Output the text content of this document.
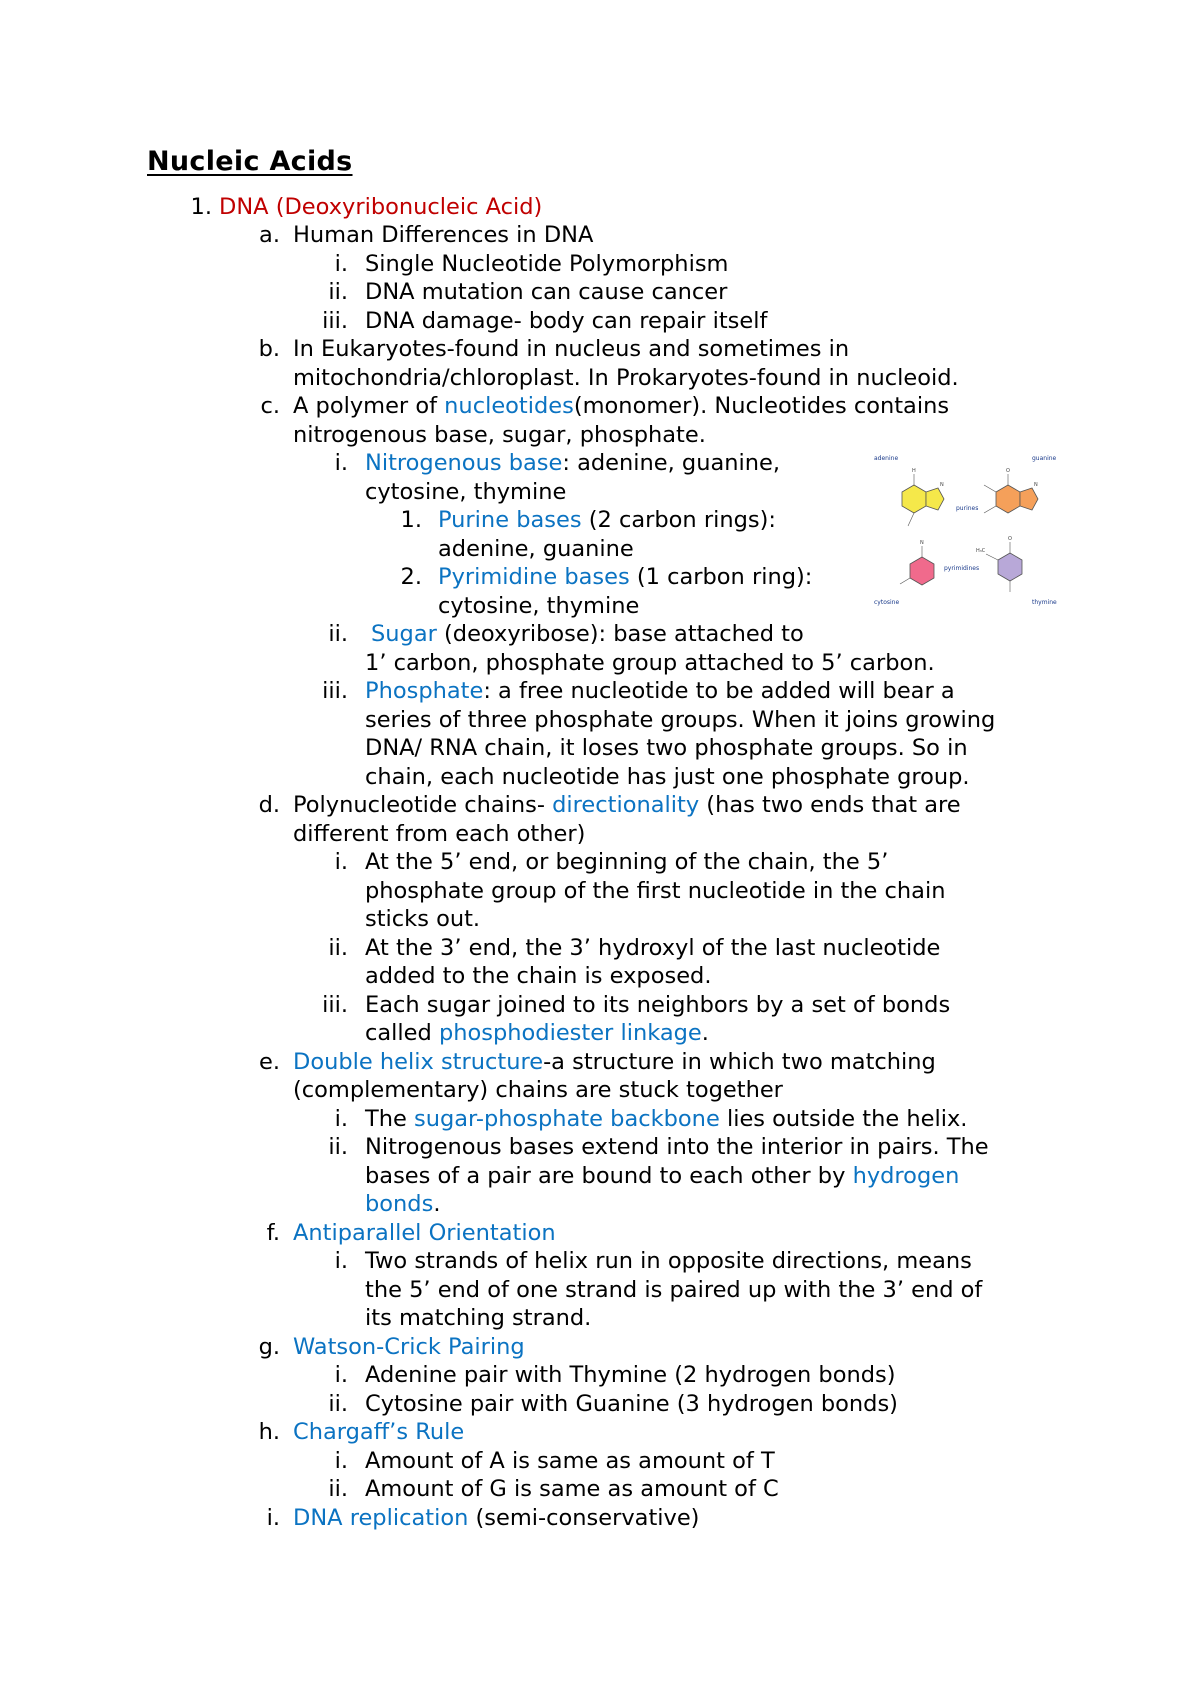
Nucleic Acids
1. DNA (Deoxyribonucleic Acid)
a. Human Differences in DNA
i. Single Nucleotide Polymorphism
ii. DNA mutation can cause cancer
iii. DNA damage- body can repair itself
b. In Eukaryotes-found in nucleus and sometimes in
mitochondria/chloroplast. In Prokaryotes-found in nucleoid.
c. A polymer of nucleotides(monomer). Nucleotides contains
nitrogenous base, sugar, phosphate.
i. Nitrogenous base: adenine, guanine,
cytosine, thymine
1. Purine bases (2 carbon rings):
adenine, guanine
2. Pyrimidine bases (1 carbon ring):
cytosine, thymine
ii. Sugar (deoxyribose): base attached to
1’ carbon, phosphate group attached to 5’ carbon.
iii. Phosphate: a free nucleotide to be added will bear a
series of three phosphate groups. When it joins growing
DNA/ RNA chain, it loses two phosphate groups. So in
chain, each nucleotide has just one phosphate group.
d. Polynucleotide chains- directionality (has two ends that are
different from each other)
i. At the 5’ end, or beginning of the chain, the 5’
phosphate group of the first nucleotide in the chain
sticks out.
ii. At the 3’ end, the 3’ hydroxyl of the last nucleotide
added to the chain is exposed.
iii. Each sugar joined to its neighbors by a set of bonds
called phosphodiester linkage.
e. Double helix structure-a structure in which two matching
(complementary) chains are stuck together
i. The sugar-phosphate backbone lies outside the helix.
ii. Nitrogenous bases extend into the interior in pairs. The
bases of a pair are bound to each other by hydrogen
bonds.
f. Antiparallel Orientation
i. Two strands of helix run in opposite directions, means
the 5’ end of one strand is paired up with the 3’ end of
its matching strand.
g. Watson-Crick Pairing
i. Adenine pair with Thymine (2 hydrogen bonds)
ii. Cytosine pair with Guanine (3 hydrogen bonds)
h. Chargaff’s Rule
i. Amount of A is same as amount of T
ii. Amount of G is same as amount of C
i. DNA replication (semi-conservative)
H	O
N
O
H₃C
N	N
adenine	guanine
purines
cytosine
pyrimidines
thymine
